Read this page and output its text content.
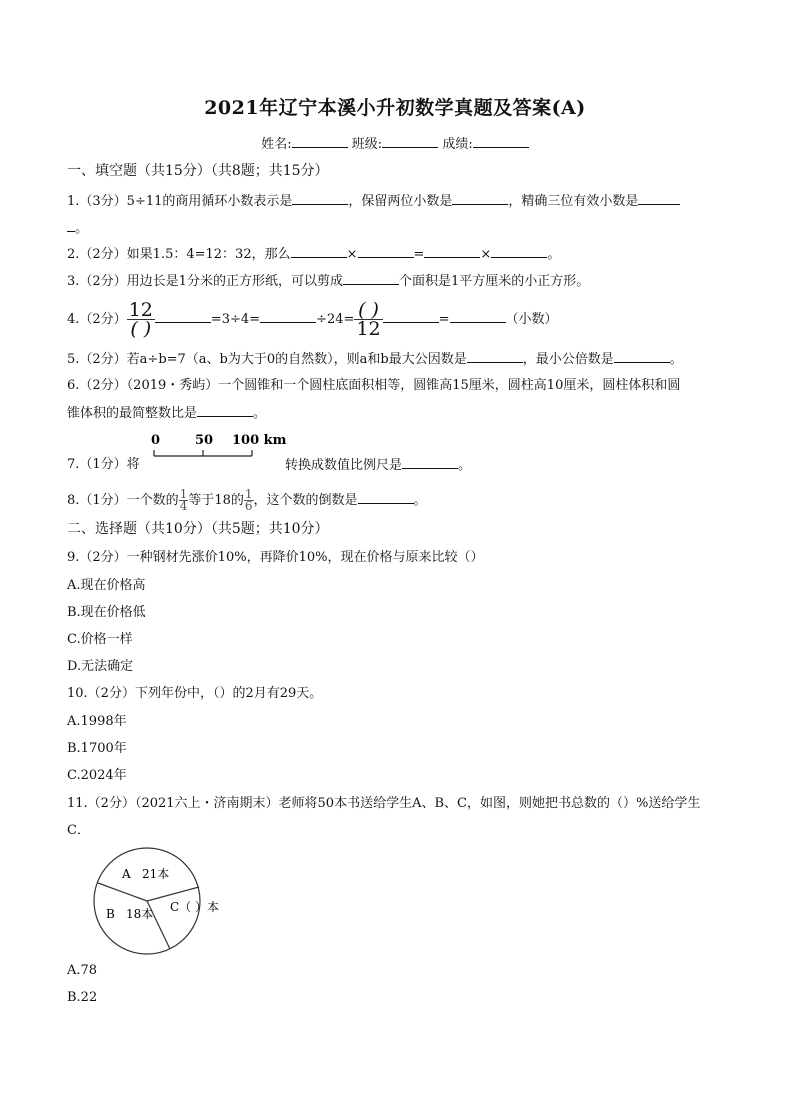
2021年辽宁本溪小升初数学真题及答案(A)
姓名:	班级:	成绩:
一、填空题（共15分）（共8题；共15分）
1.（3分）5÷11的商用循环小数表示是	，保留两位小数是	，精确三位有效小数是
。
2.（2分）如果1.5：4=12：32，那么	×	=	×	。
3.（2分）用边长是1分米的正方形纸，可以剪成	个面积是1平方厘米的小正方形。
4.（2分） 12
( )	=3÷4=	÷24= ( )
12	=	（小数）
5.（2分）若a÷b=7（a、b为大于0的自然数），则a和b最大公因数是	，最小公倍数是	。
6.（2分）（2019・秀屿）一个圆锥和一个圆柱底面积相等，圆锥高15厘米，圆柱高10厘米，圆柱体积和圆
锥体积的最简整数比是	。
7.（1分）将
0	50 100 km
转换成数值比例尺是	。
8.（1分）一个数的 $\frac{1}{4}$ 等于18的 $\frac{1}{6}$ ，这个数的倒数是	。
二、选择题（共10分）（共5题；共10分）
9.（2分）一种钢材先涨价10%，再降价10%，现在价格与原来比较（）
A.现在价格高
B.现在价格低
C.价格一样
D.无法确定
10.（2分）下列年份中，（）的2月有29天。
A.1998年
B.1700年
C.2024年
11.（2分）（2021六上・济南期末）老师将50本书送给学生A、B、C，如图，则她把书总数的（）%送给学生
C．
A 21本
B 18本 C（ ）本
A.78
B.22
